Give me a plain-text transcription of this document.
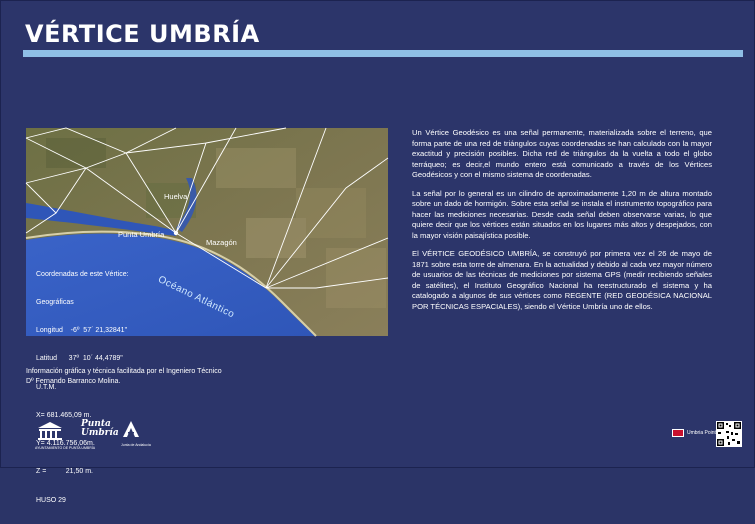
VÉRTICE UMBRÍA
Huelva
Punta Umbría
Mazagón
Océano Atlántico

Coordenadas de este Vértice:

Geográficas

Longitud    -6º  57´ 21,32841"

Latitud      37º  10´ 44,4789"

U.T.M.

X= 681.465,09 m.

Y= 4.116.756,06m.

Z =          21,50 m.

HUSO 29

Un Vértice Geodésico es una señal permanente, materializada sobre el terreno, que forma parte de una red de triángulos cuyas coordenadas se han calculado con la mayor exactitud y precisión posibles. Dicha red de triángulos da la vuelta a todo el globo terráqueo; es decir,el mundo entero está comunicado a través de los Vértices Geodésicos y con el mismo sistema de coordenadas.

La señal por lo general es un cilindro de aproximadamente 1,20 m de altura montado sobre un dado de hormigón. Sobre esta señal se instala el instrumento topográfico para hacer las mediciones necesarias. Desde cada señal deben observarse varias, lo que quiere decir que los vértices están situados en los lugares más altos y despejados, con la mayor visión paisajística posible.

El VÉRTICE GEODÉSICO UMBRÍA, se construyó por primera vez el 26 de mayo de 1871 sobre esta torre de almenara. En la actualidad y debido al cada vez mayor número de usuarios de las técnicas de mediciones por sistema GPS (medir recibiendo señales de satélites), el Instituto Geográfico Nacional ha reestructurado el sistema y ha catalogado a algunos de sus vértices como REGENTE (RED GEODÉSICA NACIONAL POR TÉCNICAS ESPACIALES), siendo el Vértice Umbría uno de ellos.

Información gráfica y técnica facilitada por el Ingeniero Técnico
Dº Fernando Barranco Molina.
AYUNTAMIENTO DE PUNTA UMBRÍA
Punta Umbría
Junta de Andalucía
Umbria Point
